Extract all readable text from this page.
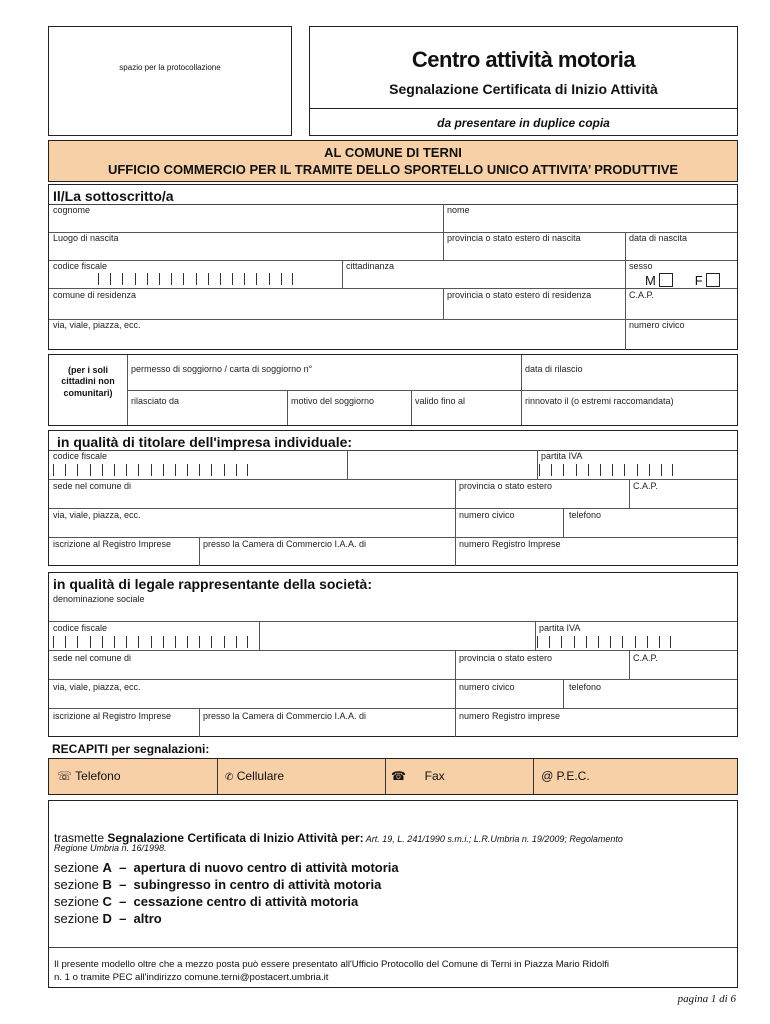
spazio per la protocollazione	Centro attività motoria
Segnalazione Certificata di Inizio Attività
da presentare in duplice copia
AL COMUNE DI TERNI
UFFICIO COMMERCIO PER IL TRAMITE DELLO SPORTELLO UNICO ATTIVITA’ PRODUTTIVE
Il/La sottoscritto/a
cognome	nome
Luogo di nascita	provincia o stato estero di nascita	data di nascita
codice fiscale	cittadinanza	sesso
M	F
comune di residenza	provincia o stato estero di residenza	C.A.P.
via, viale, piazza, ecc.	numero civico
(per i soli
cittadini non
comunitari)
permesso di soggiorno / carta di soggiorno n°	data di rilascio
rilasciato da	motivo del soggiorno	valido fino al	rinnovato il (o estremi raccomandata)
in qualità di titolare dell'impresa individuale:
codice fiscale	partita IVA
sede nel comune di	provincia o stato estero	C.A.P.
via, viale, piazza, ecc.	numero civico	telefono
iscrizione al Registro Imprese	presso la Camera di Commercio I.A.A. di	numero Registro Imprese
in qualità di legale rappresentante della società:
denominazione sociale
codice fiscale	partita IVA
sede nel comune di	provincia o stato estero	C.A.P.
via, viale, piazza, ecc.	numero civico	telefono
iscrizione al Registro Imprese	presso la Camera di Commercio I.A.A. di	numero Registro imprese
RECAPITI per segnalazioni:
☏ Telefono	✆ Cellulare	☎ Fax	@ P.E.C.
trasmette Segnalazione Certificata di Inizio Attività per: Art. 19, L. 241/1990 s.m.i.; L.R.Umbria n. 19/2009; Regolamento
Regione Umbria n. 16/1998.
sezione A  –  apertura di nuovo centro di attività motoria
sezione B  –  subingresso in centro di attività motoria
sezione C  –  cessazione centro di attività motoria
sezione D  –  altro
Il presente modello oltre che a mezzo posta può essere presentato all'Ufficio Protocollo del Comune di Terni in Piazza Mario Ridolfi
n. 1 o tramite PEC all'indirizzo comune.terni@postacert.umbria.it
pagina 1 di 6
